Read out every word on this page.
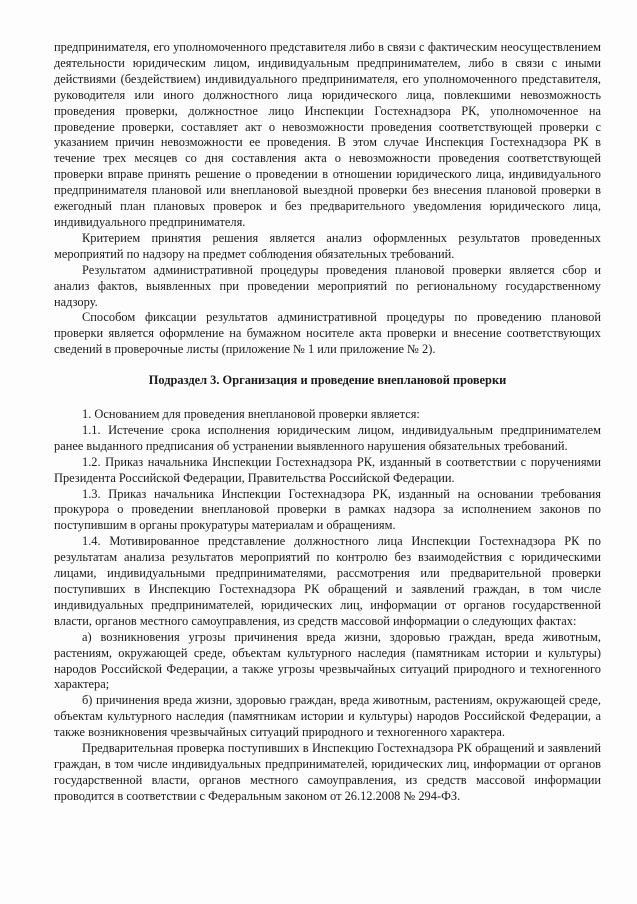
предпринимателя, его уполномоченного представителя либо в связи с фактическим неосуществлением деятельности юридическим лицом, индивидуальным предпринимателем, либо в связи с иными действиями (бездействием) индивидуального предпринимателя, его уполномоченного представителя, руководителя или иного должностного лица юридического лица, повлекшими невозможность проведения проверки, должностное лицо Инспекции Гостехнадзора РК, уполномоченное на проведение проверки, составляет акт о невозможности проведения соответствующей проверки с указанием причин невозможности ее проведения. В этом случае Инспекция Гостехнадзора РК в течение трех месяцев со дня составления акта о невозможности проведения соответствующей проверки вправе принять решение о проведении в отношении юридического лица, индивидуального предпринимателя плановой или внеплановой выездной проверки без внесения плановой проверки в ежегодный план плановых проверок и без предварительного уведомления юридического лица, индивидуального предпринимателя.

Критерием принятия решения является анализ оформленных результатов проведенных мероприятий по надзору на предмет соблюдения обязательных требований.

Результатом административной процедуры проведения плановой проверки является сбор и анализ фактов, выявленных при проведении мероприятий по региональному государственному надзору.

Способом фиксации результатов административной процедуры по проведению плановой проверки является оформление на бумажном носителе акта проверки и внесение соответствующих сведений в проверочные листы (приложение № 1 или приложение № 2).

Подраздел 3. Организация и проведение внеплановой проверки

1. Основанием для проведения внеплановой проверки является:

1.1. Истечение срока исполнения юридическим лицом, индивидуальным предпринимателем ранее выданного предписания об устранении выявленного нарушения обязательных требований.

1.2. Приказ начальника Инспекции Гостехнадзора РК, изданный в соответствии с поручениями Президента Российской Федерации, Правительства Российской Федерации.

1.3. Приказ начальника Инспекции Гостехнадзора РК, изданный на основании требования прокурора о проведении внеплановой проверки в рамках надзора за исполнением законов по поступившим в органы прокуратуры материалам и обращениям.

1.4. Мотивированное представление должностного лица Инспекции Гостехнадзора РК по результатам анализа результатов мероприятий по контролю без взаимодействия с юридическими лицами, индивидуальными предпринимателями, рассмотрения или предварительной проверки поступивших в Инспекцию Гостехнадзора РК обращений и заявлений граждан, в том числе индивидуальных предпринимателей, юридических лиц, информации от органов государственной власти, органов местного самоуправления, из средств массовой информации о следующих фактах:

а) возникновения угрозы причинения вреда жизни, здоровью граждан, вреда животным, растениям, окружающей среде, объектам культурного наследия (памятникам истории и культуры) народов Российской Федерации, а также угрозы чрезвычайных ситуаций природного и техногенного характера;

б) причинения вреда жизни, здоровью граждан, вреда животным, растениям, окружающей среде, объектам культурного наследия (памятникам истории и культуры) народов Российской Федерации, а также возникновения чрезвычайных ситуаций природного и техногенного характера.

Предварительная проверка поступивших в Инспекцию Гостехнадзора РК обращений и заявлений граждан, в том числе индивидуальных предпринимателей, юридических лиц, информации от органов государственной власти, органов местного самоуправления, из средств массовой информации проводится в соответствии с Федеральным законом от 26.12.2008 № 294-ФЗ.
